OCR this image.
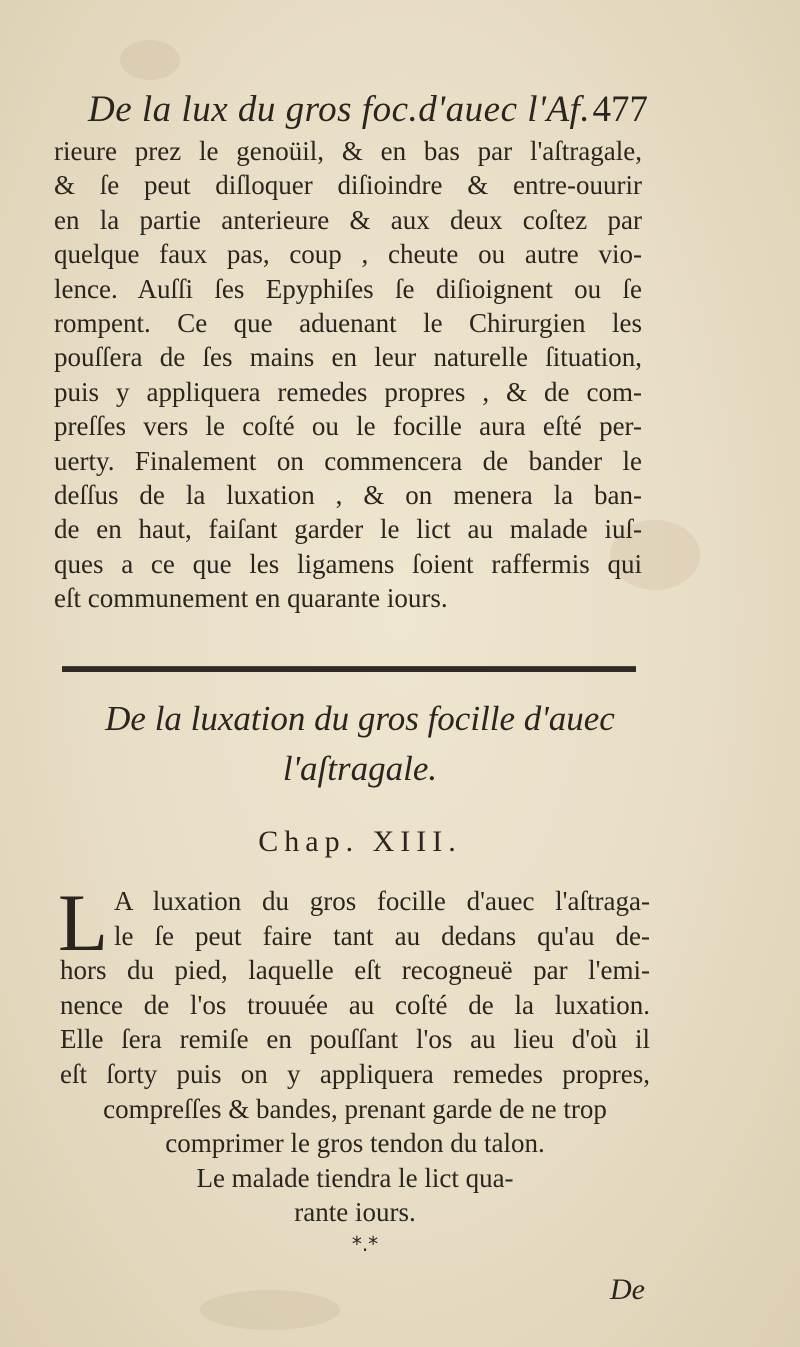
De la lux du gros foc.d'auec l'Af. 477
rieure prez le genoüil, & en bas par l'aſtragale,
& ſe peut diſloquer diſioindre & entre-ouurir
en la partie anterieure & aux deux coſtez par
quelque faux pas, coup , cheute ou autre vio-
lence. Auſſi ſes Epyphiſes ſe diſioignent ou ſe
rompent. Ce que aduenant le Chirurgien les
pouſſera de ſes mains en leur naturelle ſituation,
puis y appliquera remedes propres , & de com-
preſſes vers le coſté ou le focille aura eſté per-
uerty. Finalement on commencera de bander le
deſſus de la luxation , & on menera la ban-
de en haut, faiſant garder le lict au malade iuſ-
ques a ce que les ligamens ſoient raffermis qui
eſt communement en quarante iours.
De la luxation du gros focille d'auec
l'aſtragale.
Chap. XIII.
L A luxation du gros focille d'auec l'aſtraga-
le ſe peut faire tant au dedans qu'au de-
hors du pied, laquelle eſt recogneuë par l'emi-
nence de l'os trouuée au coſté de la luxation.
Elle ſera remiſe en pouſſant l'os au lieu d'où il
eſt ſorty puis on y appliquera remedes propres,
compreſſes & bandes, prenant garde de ne trop
comprimer le gros tendon du talon.
Le malade tiendra le lict qua-
rante iours.
*.*
De
